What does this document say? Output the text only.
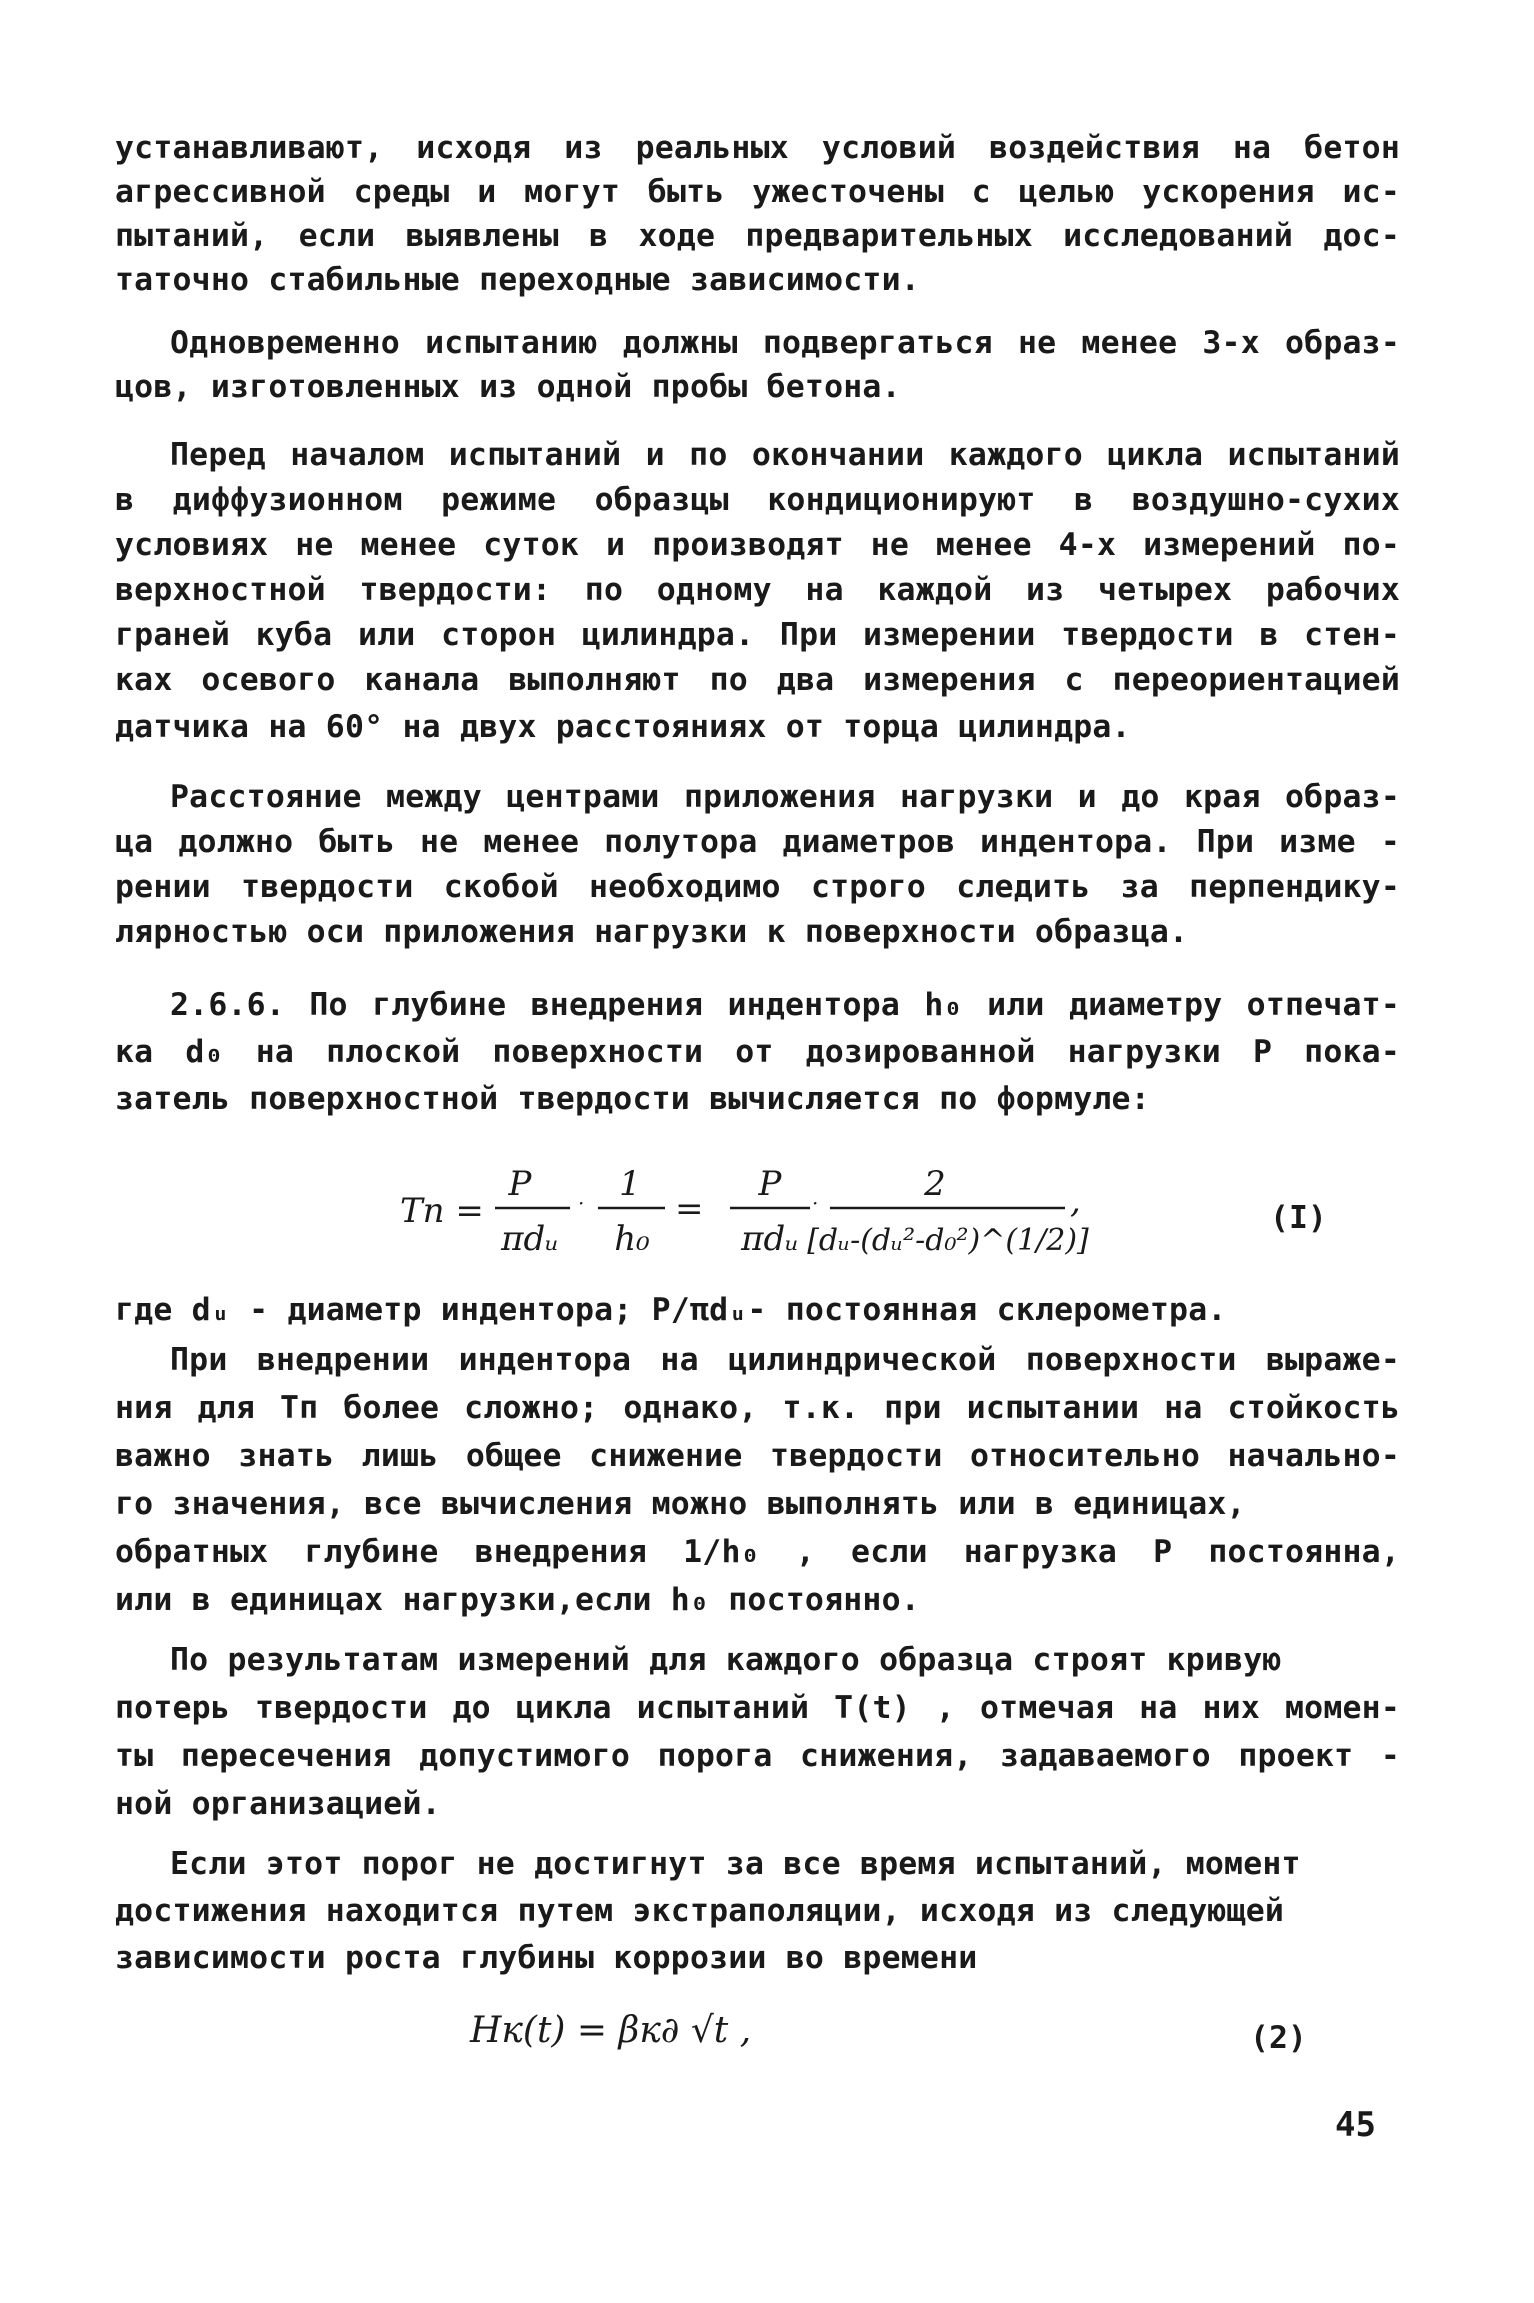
устанавливают, исходя из реальных условий воздействия на бетон
агрессивной среды и могут быть ужесточены с целью ускорения ис-
пытаний, если выявлены в ходе предварительных исследований дос-
таточно стабильные переходные зависимости.
Одновременно испытанию должны подвергаться не менее 3-х образ-
цов, изготовленных из одной пробы бетона.
Перед началом испытаний и по окончании каждого цикла испытаний
в диффузионном режиме образцы кондиционируют в воздушно-сухих
условиях не менее суток и производят не менее 4-х измерений по-
верхностной твердости: по одному на каждой из четырех рабочих
граней куба или сторон цилиндра. При измерении твердости в стен-
ках осевого канала выполняют по два измерения с переориентацией
датчика на 60° на двух расстояниях от торца цилиндра.
Расстояние между центрами приложения нагрузки и до края образ-
ца должно быть не менее полутора диаметров индентора. При изме -
рении твердости скобой необходимо строго следить за перпендику-
лярностью оси приложения нагрузки к поверхности образца.
2.6.6. По глубине внедрения индентора h₀ или диаметру отпечат-
ка d₀ на плоской поверхности от дозированной нагрузки P пока-
затель поверхностной твердости вычисляется по формуле:
Tп =
P
πdᵤ
· 1
h₀
=
P
πdᵤ
·	2
[dᵤ-(dᵤ²-d₀²)^(1/2)]
,	(I)
где dᵤ - диаметр индентора; P/πdᵤ- постоянная склерометра.
При внедрении индентора на цилиндрической поверхности выраже-
ния для Tп более сложно; однако, т.к. при испытании на стойкость
важно знать лишь общее снижение твердости относительно начально-
го значения, все вычисления можно выполнять или в единицах,
обратных глубине внедрения 1/h₀ , если нагрузка P постоянна,
или в единицах нагрузки,если h₀ постоянно.
По результатам измерений для каждого образца строят кривую
потерь твердости до цикла испытаний T(t) , отмечая на них момен-
ты пересечения допустимого порога снижения, задаваемого проект -
ной организацией.
Если этот порог не достигнут за все время испытаний, момент
достижения находится путем экстраполяции, исходя из следующей
зависимости роста глубины коррозии во времени
Hк(t) = βк∂ √t ,	(2)
45
